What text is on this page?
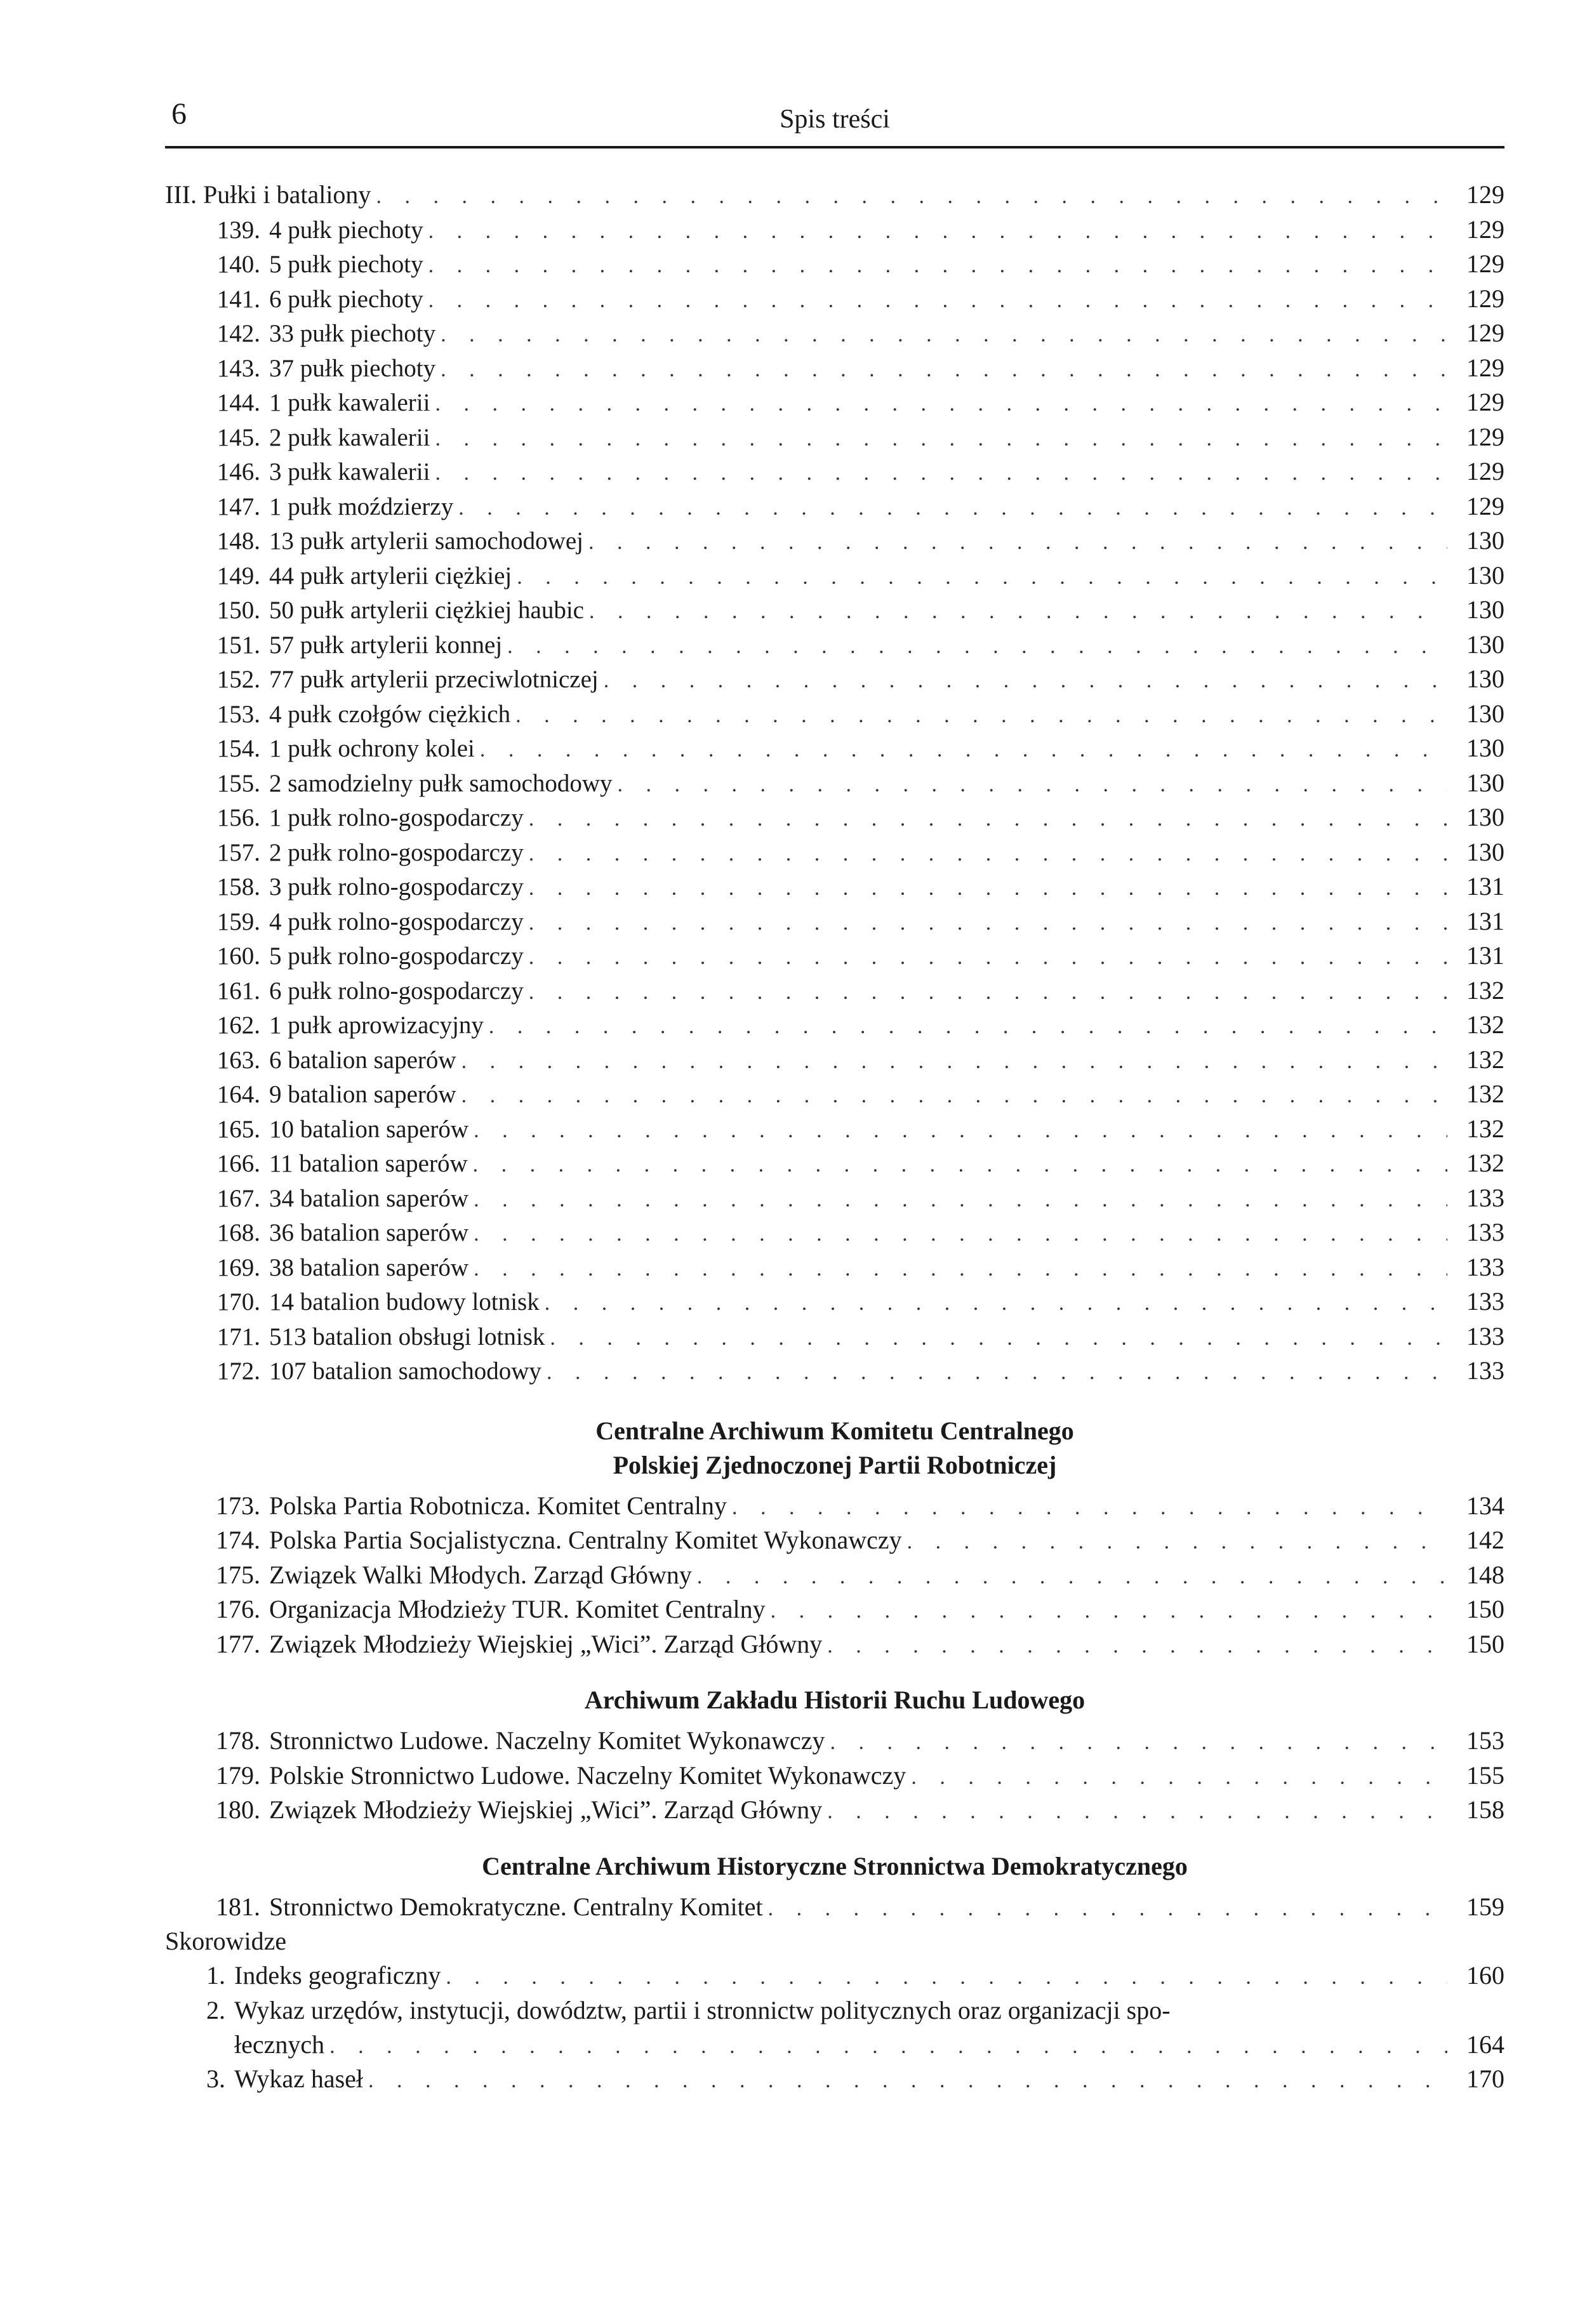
6	Spis treści
III. Pułki i bataliony . . .	129
139. 4 pułk piechoty . . .	129
140. 5 pułk piechoty . . .	129
141. 6 pułk piechoty . . .	129
142. 33 pułk piechoty . . .	129
143. 37 pułk piechoty . . .	129
144. 1 pułk kawalerii . . .	129
145. 2 pułk kawalerii . . .	129
146. 3 pułk kawalerii . . .	129
147. 1 pułk moździerzy . . .	129
148. 13 pułk artylerii samochodowej . . .	130
149. 44 pułk artylerii ciężkiej . . .	130
150. 50 pułk artylerii ciężkiej haubic . . .	130
151. 57 pułk artylerii konnej . . .	130
152. 77 pułk artylerii przeciwlotniczej . . .	130
153. 4 pułk czołgów ciężkich . . .	130
154. 1 pułk ochrony kolei . . .	130
155. 2 samodzielny pułk samochodowy . . .	130
156. 1 pułk rolno-gospodarczy . . .	130
157. 2 pułk rolno-gospodarczy . . .	130
158. 3 pułk rolno-gospodarczy . . .	131
159. 4 pułk rolno-gospodarczy . . .	131
160. 5 pułk rolno-gospodarczy . . .	131
161. 6 pułk rolno-gospodarczy . . .	132
162. 1 pułk aprowizacyjny . . .	132
163. 6 batalion saperów . . .	132
164. 9 batalion saperów . . .	132
165. 10 batalion saperów . . .	132
166. 11 batalion saperów . . .	132
167. 34 batalion saperów . . .	133
168. 36 batalion saperów . . .	133
169. 38 batalion saperów . . .	133
170. 14 batalion budowy lotnisk . . .	133
171. 513 batalion obsługi lotnisk . . .	133
172. 107 batalion samochodowy . . .	133

Centralne Archiwum Komitetu Centralnego

Polskiej Zjednoczonej Partii Robotniczej

173. Polska Partia Robotnicza. Komitet Centralny . . .	134
174. Polska Partia Socjalistyczna. Centralny Komitet Wykonawczy . . .	142
175. Związek Walki Młodych. Zarząd Główny . . .	148
176. Organizacja Młodzieży TUR. Komitet Centralny . . .	150
177. Związek Młodzieży Wiejskiej „Wici”. Zarząd Główny . . .	150

Archiwum Zakładu Historii Ruchu Ludowego

178. Stronnictwo Ludowe. Naczelny Komitet Wykonawczy . . .	153
179. Polskie Stronnictwo Ludowe. Naczelny Komitet Wykonawczy . . .	155
180. Związek Młodzieży Wiejskiej „Wici”. Zarząd Główny . . .	158

Centralne Archiwum Historyczne Stronnictwa Demokratycznego

181. Stronnictwo Demokratyczne. Centralny Komitet . . .	159
Skorowidze
1. Indeks geograficzny . . .	160
2. Wykaz urzędów, instytucji, dowództw, partii i stronnictw politycznych oraz organizacji spo-
łecznych . . .	164
3. Wykaz haseł . . .	170
